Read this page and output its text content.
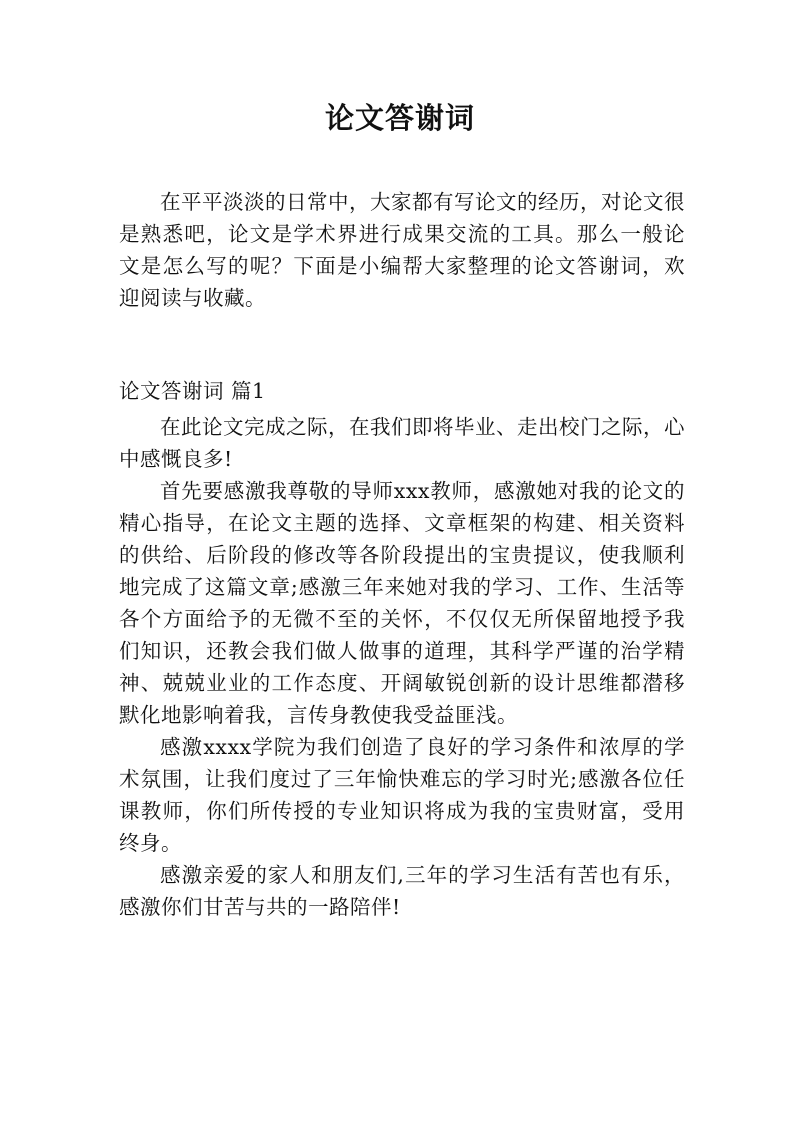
论文答谢词

在平平淡淡的日常中，大家都有写论文的经历，对论文很是熟悉吧，论文是学术界进行成果交流的工具。那么一般论文是怎么写的呢？下面是小编帮大家整理的论文答谢词，欢迎阅读与收藏。

论文答谢词 篇1

在此论文完成之际，在我们即将毕业、走出校门之际，心中感慨良多!

首先要感激我尊敬的导师xxx教师，感激她对我的论文的精心指导，在论文主题的选择、文章框架的构建、相关资料的供给、后阶段的修改等各阶段提出的宝贵提议，使我顺利地完成了这篇文章;感激三年来她对我的学习、工作、生活等各个方面给予的无微不至的关怀，不仅仅无所保留地授予我们知识，还教会我们做人做事的道理，其科学严谨的治学精神、兢兢业业的工作态度、开阔敏锐创新的设计思维都潜移默化地影响着我，言传身教使我受益匪浅。

感激xxxx学院为我们创造了良好的学习条件和浓厚的学术氛围，让我们度过了三年愉快难忘的学习时光;感激各位任课教师，你们所传授的专业知识将成为我的宝贵财富，受用终身。

感激亲爱的家人和朋友们,三年的学习生活有苦也有乐，感激你们甘苦与共的一路陪伴!
